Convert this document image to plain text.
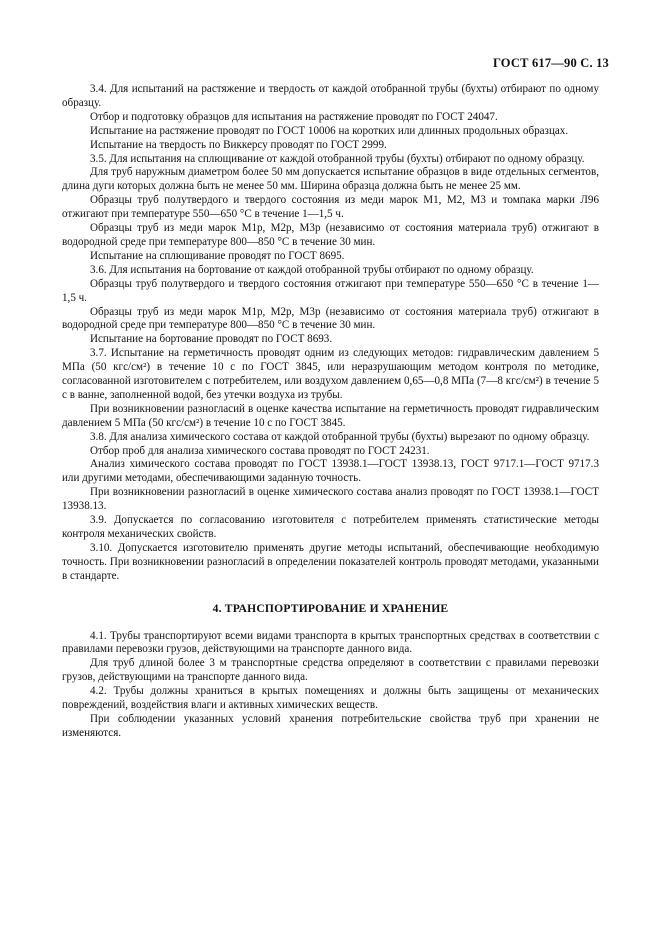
ГОСТ 617—90 С. 13

3.4. Для испытаний на растяжение и твердость от каждой отобранной трубы (бухты) отбирают по одному образцу.

Отбор и подготовку образцов для испытания на растяжение проводят по ГОСТ 24047.

Испытание на растяжение проводят по ГОСТ 10006 на коротких или длинных продольных образцах.

Испытание на твердость по Виккерсу проводят по ГОСТ 2999.

3.5. Для испытания на сплющивание от каждой отобранной трубы (бухты) отбирают по одному образцу.

Для труб наружным диаметром более 50 мм допускается испытание образцов в виде отдельных сегментов, длина дуги которых должна быть не менее 50 мм. Ширина образца должна быть не менее 25 мм.

Образцы труб полутвердого и твердого состояния из меди марок М1, М2, М3 и томпака марки Л96 отжигают при температуре 550—650 °С в течение 1—1,5 ч.

Образцы труб из меди марок М1р, М2р, М3р (независимо от состояния материала труб) отжигают в водородной среде при температуре 800—850 °С в течение 30 мин.

Испытание на сплющивание проводят по ГОСТ 8695.

3.6. Для испытания на бортование от каждой отобранной трубы отбирают по одному образцу.

Образцы труб полутвердого и твердого состояния отжигают при температуре 550—650 °С в течение 1—1,5 ч.

Образцы труб из меди марок М1р, М2р, М3р (независимо от состояния материала труб) отжигают в водородной среде при температуре 800—850 °С в течение 30 мин.

Испытание на бортование проводят по ГОСТ 8693.

3.7. Испытание на герметичность проводят одним из следующих методов: гидравлическим давлением 5 МПа (50 кгс/см²) в течение 10 с по ГОСТ 3845, или неразрушающим методом контроля по методике, согласованной изготовителем с потребителем, или воздухом давлением 0,65—0,8 МПа (7—8 кгс/см²) в течение 5 с в ванне, заполненной водой, без утечки воздуха из трубы.

При возникновении разногласий в оценке качества испытание на герметичность проводят гидравлическим давлением 5 МПа (50 кгс/см²) в течение 10 с по ГОСТ 3845.

3.8. Для анализа химического состава от каждой отобранной трубы (бухты) вырезают по одному образцу.

Отбор проб для анализа химического состава проводят по ГОСТ 24231.

Анализ химического состава проводят по ГОСТ 13938.1—ГОСТ 13938.13, ГОСТ 9717.1—ГОСТ 9717.3 или другими методами, обеспечивающими заданную точность.

При возникновении разногласий в оценке химического состава анализ проводят по ГОСТ 13938.1—ГОСТ 13938.13.

3.9. Допускается по согласованию изготовителя с потребителем применять статистические методы контроля механических свойств.

3.10. Допускается изготовителю применять другие методы испытаний, обеспечивающие необходимую точность. При возникновении разногласий в определении показателей контроль проводят методами, указанными в стандарте.

4. ТРАНСПОРТИРОВАНИЕ И ХРАНЕНИЕ

4.1. Трубы транспортируют всеми видами транспорта в крытых транспортных средствах в соответствии с правилами перевозки грузов, действующими на транспорте данного вида.

Для труб длиной более 3 м транспортные средства определяют в соответствии с правилами перевозки грузов, действующими на транспорте данного вида.

4.2. Трубы должны храниться в крытых помещениях и должны быть защищены от механических повреждений, воздействия влаги и активных химических веществ.

При соблюдении указанных условий хранения потребительские свойства труб при хранении не изменяются.
